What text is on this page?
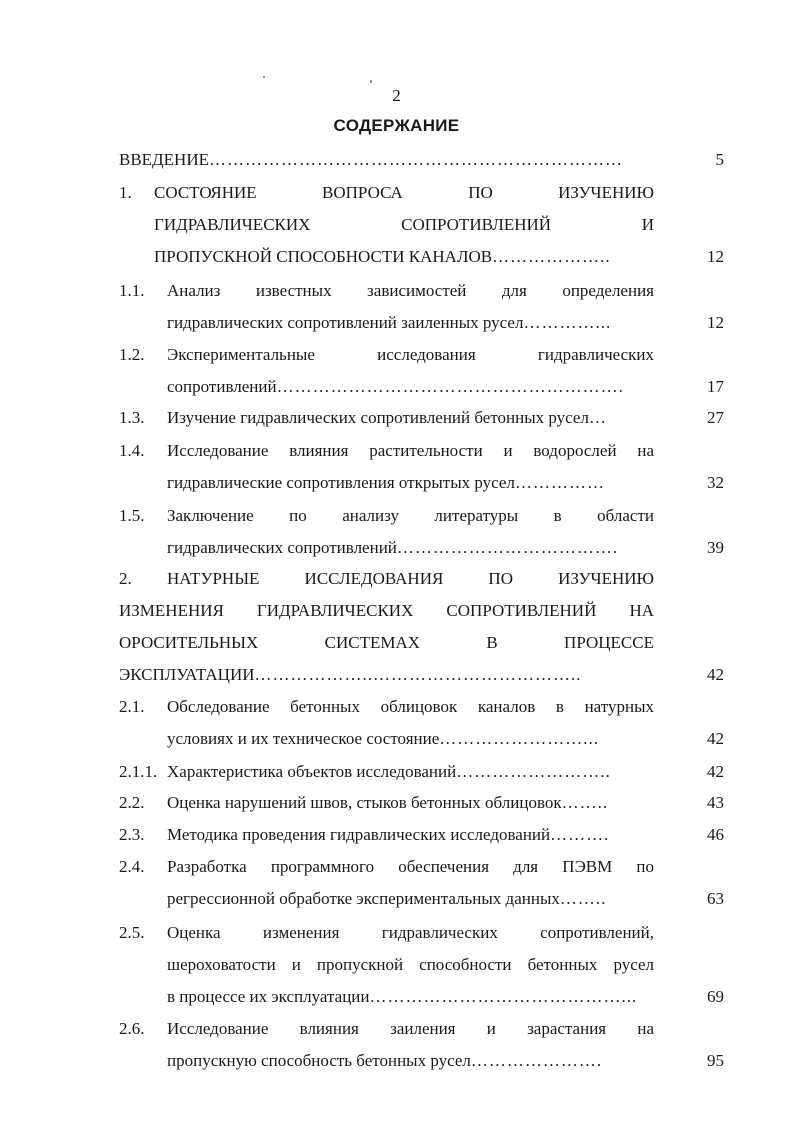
2
СОДЕРЖАНИЕ
ВВЕДЕНИЕ……………………………………………………………	5
1. СОСТОЯНИЕ ВОПРОСА ПО ИЗУЧЕНИЮ
ГИДРАВЛИЧЕСКИХ СОПРОТИВЛЕНИЙ И
ПРОПУСКНОЙ СПОСОБНОСТИ КАНАЛОВ………………..	12
1.1. Анализ известных зависимостей для определения
гидравлических сопротивлений заиленных русел…………...	12
1.2. Экспериментальные исследования гидравлических
сопротивлений………………………………………………….	17
1.3. Изучение гидравлических сопротивлений бетонных русел…	27
1.4. Исследование влияния растительности и водорослей на
гидравлические сопротивления открытых русел……………	32
1.5. Заключение по анализу литературы в области
гидравлических сопротивлений……………………………….	39
2. НАТУРНЫЕ ИССЛЕДОВАНИЯ ПО ИЗУЧЕНИЮ
ИЗМЕНЕНИЯ ГИДРАВЛИЧЕСКИХ СОПРОТИВЛЕНИЙ НА
ОРОСИТЕЛЬНЫХ СИСТЕМАХ В ПРОЦЕССЕ
ЭКСПЛУАТАЦИИ………………..……………………………..	42
2.1. Обследование бетонных облицовок каналов в натурных
условиях и их техническое состояние……………………...	42
2.1.1. Характеристика объектов исследований……………………..	42
2.2. Оценка нарушений швов, стыков бетонных облицовок……..	43
2.3. Методика проведения гидравлических исследований……….	46
2.4. Разработка программного обеспечения для ПЭВМ по
регрессионной обработке экспериментальных данных……..	63
2.5. Оценка изменения гидравлических сопротивлений,
шероховатости и пропускной способности бетонных русел
в процессе их эксплуатации……………………………………...	69
2.6. Исследование влияния заиления и зарастания на
пропускную способность бетонных русел………………….	95
